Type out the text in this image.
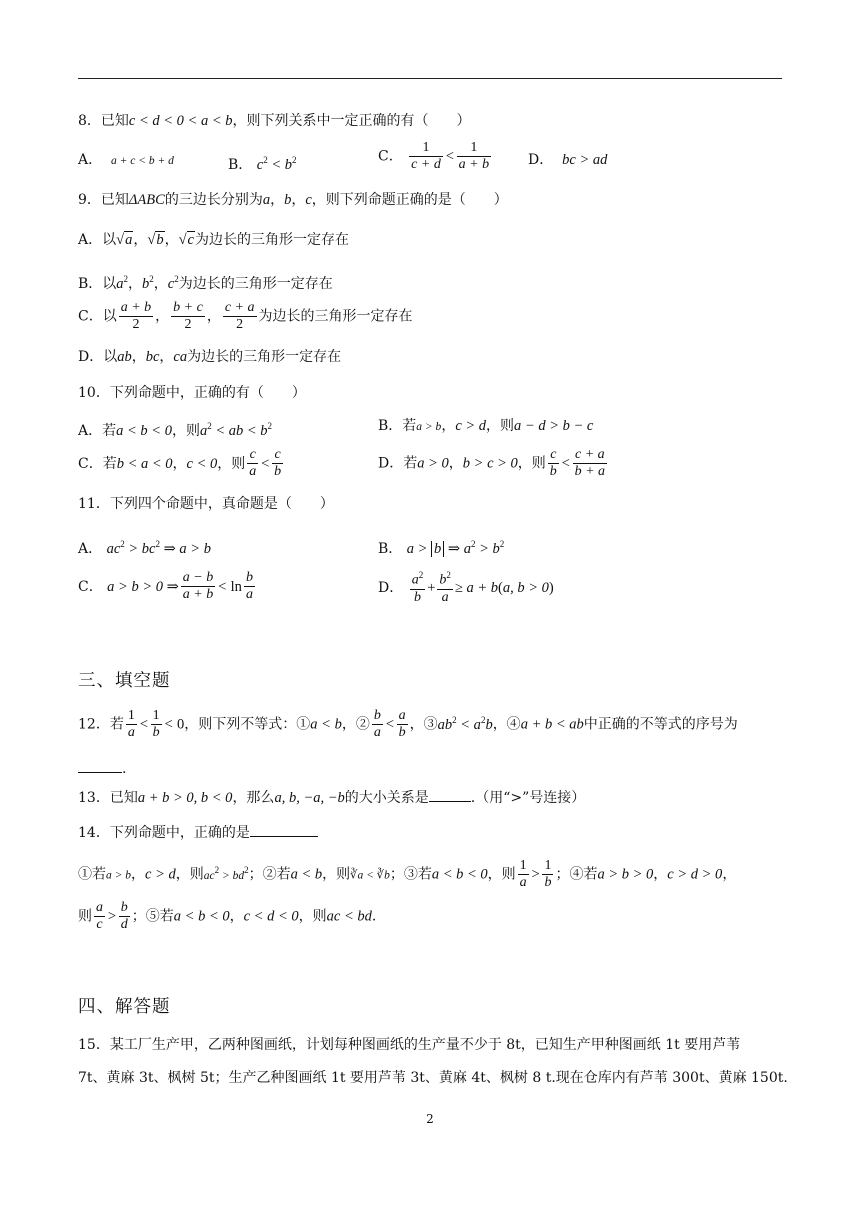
8．已知c < d < 0 < a < b，则下列关系中一定正确的有（　　）
A． a + c < b + d	B． $c^2 < b^2$	C． $\frac{1}{c + d} < \frac{1}{a + b}$	D． bc > ad
9．已知ΔABC的三边长分别为a，b，c，则下列命题正确的是（　　）
A．以√a，√b，√c为边长的三角形一定存在
B．以$a^2$，$b^2$，$c^2$为边长的三角形一定存在
C．以 $\frac{a + b}{2}$ ， $\frac{b + c}{2}$ ， $\frac{c + a}{2}$ 为边长的三角形一定存在
D．以ab，bc，ca为边长的三角形一定存在
10．下列命题中，正确的有（　　）
A．若a < b < 0，则$a^2$ < ab < $b^2$	B．若a > b，c > d，则a − d > b − c
C．若b < a < 0，c < 0，则 $\frac{c}{a} < \frac{c}{b}$	D．若a > 0，b > c > 0，则 $\frac{c}{b} < \frac{c + a}{b + a}$
11．下列四个命题中，真命题是（　　）
A． $ac^2 > bc^2$ ⇒ a > b	B． a > b ⇒ $a^2 > b^2$
C． a > b > 0 ⇒ $\frac{a - b}{a + b} < \ln \frac{b}{a}$	D． $\frac{a^2}{b} + \frac{b^2}{a} \ge a + b(a$, b > 0)
三、填空题
12．若 $\frac{1}{a} < \frac{1}{b} < 0$，则下列不等式：①a < b，② $\frac{b}{a} < \frac{a}{b}$ ，$③ab^2 < a^2b$，④a + b < ab中正确的不等式的序号为
.
13．已知a + b > 0, b < 0，那么a, b, −a, −b的大小关系是	.（用“>”号连接）
14．下列命题中，正确的是
①若a > b，c > d，则$ac^2 > bd^2$；②若a < b，则∛a < ∛b；③若a < b < 0，则 $\frac{1}{a} > \frac{1}{b}$ ；④若a > b > 0，c > d > 0，
则 $\frac{a}{c} > \frac{b}{d}$ ；⑤若a < b < 0，c < d < 0，则ac < bd.
四、解答题
15．某工厂生产甲，乙两种图画纸，计划每种图画纸的生产量不少于 8t，已知生产甲种图画纸 1t 要用芦苇
7t、黄麻 3t、枫树 5t；生产乙种图画纸 1t 要用芦苇 3t、黄麻 4t、枫树 8 t.现在仓库内有芦苇 300t、黄麻 150t.
2
